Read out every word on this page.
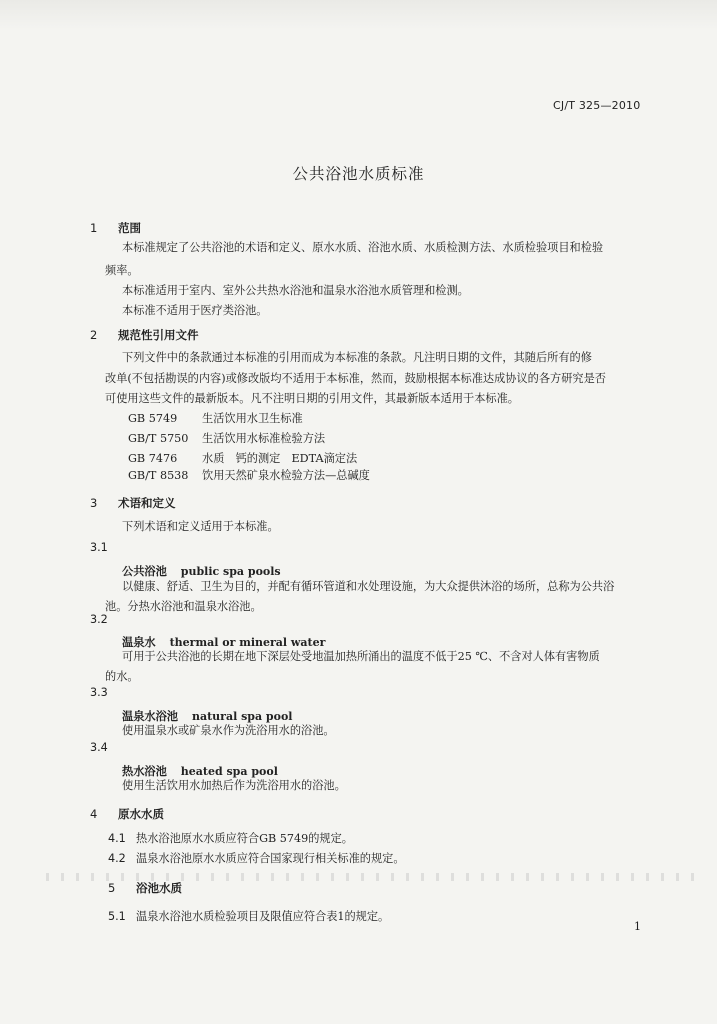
CJ/T 325—2010
公共浴池水质标准
1 范围
本标准规定了公共浴池的术语和定义、原水水质、浴池水质、水质检测方法、水质检验项目和检验
频率。
本标准适用于室内、室外公共热水浴池和温泉水浴池水质管理和检测。
本标准不适用于医疗类浴池。
2 规范性引用文件
下列文件中的条款通过本标准的引用而成为本标准的条款。凡注明日期的文件，其随后所有的修
改单(不包括勘误的内容)或修改版均不适用于本标准，然而，鼓励根据本标准达成协议的各方研究是否
可使用这些文件的最新版本。凡不注明日期的引用文件，其最新版本适用于本标准。
GB 5749 生活饮用水卫生标准
GB/T 5750 生活饮用水标准检验方法
GB 7476 水质　钙的测定　EDTA滴定法
GB/T 8538 饮用天然矿泉水检验方法—总碱度
3 术语和定义
下列术语和定义适用于本标准。
3.1
公共浴池 public spa pools
以健康、舒适、卫生为目的，并配有循环管道和水处理设施，为大众提供沐浴的场所，总称为公共浴
池。分热水浴池和温泉水浴池。
3.2
温泉水 thermal or mineral water
可用于公共浴池的长期在地下深层处受地温加热所涌出的温度不低于25 ℃、不含对人体有害物质
的水。
3.3
温泉水浴池 natural spa pool
使用温泉水或矿泉水作为洗浴用水的浴池。
3.4
热水浴池 heated spa pool
使用生活饮用水加热后作为洗浴用水的浴池。
4 原水水质
4.1 热水浴池原水水质应符合GB 5749的规定。
4.2 温泉水浴池原水水质应符合国家现行相关标准的规定。
5 浴池水质
5.1 温泉水浴池水质检验项目及限值应符合表1的规定。
1
